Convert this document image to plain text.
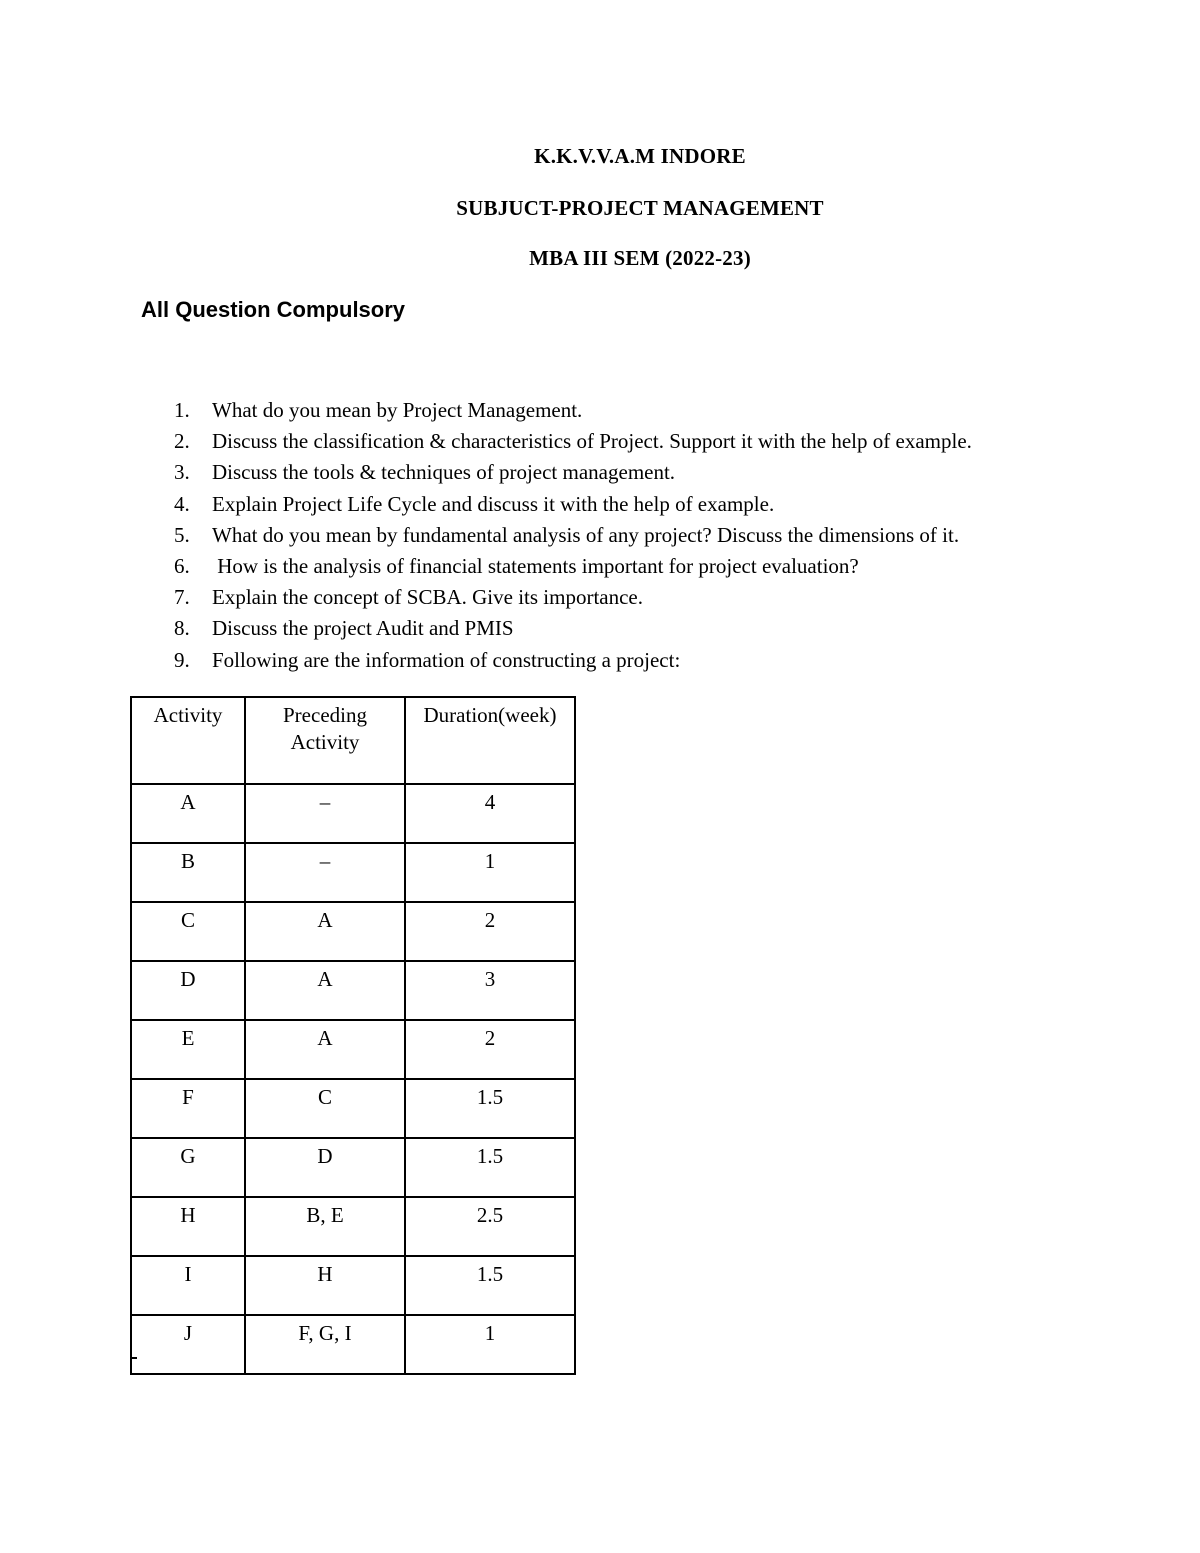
K.K.V.V.A.M INDORE
SUBJUCT-PROJECT MANAGEMENT
MBA III SEM (2022-23)
All Question Compulsory
1. What do you mean by Project Management.
2. Discuss the classification & characteristics of Project. Support it with the help of example.
3. Discuss the tools & techniques of project management.
4. Explain Project Life Cycle and discuss it with the help of example.
5. What do you mean by fundamental analysis of any project? Discuss the dimensions of it.
6. How is the analysis of financial statements important for project evaluation?
7. Explain the concept of SCBA. Give its importance.
8. Discuss the project Audit and PMIS
9. Following are the information of constructing a project:
Activity	Preceding Activity	Duration(week)
A	–	4
B	–	1
C	A	2
D	A	3
E	A	2
F	C	1.5
G	D	1.5
H	B, E	2.5
I	H	1.5
J	F, G, I	1
